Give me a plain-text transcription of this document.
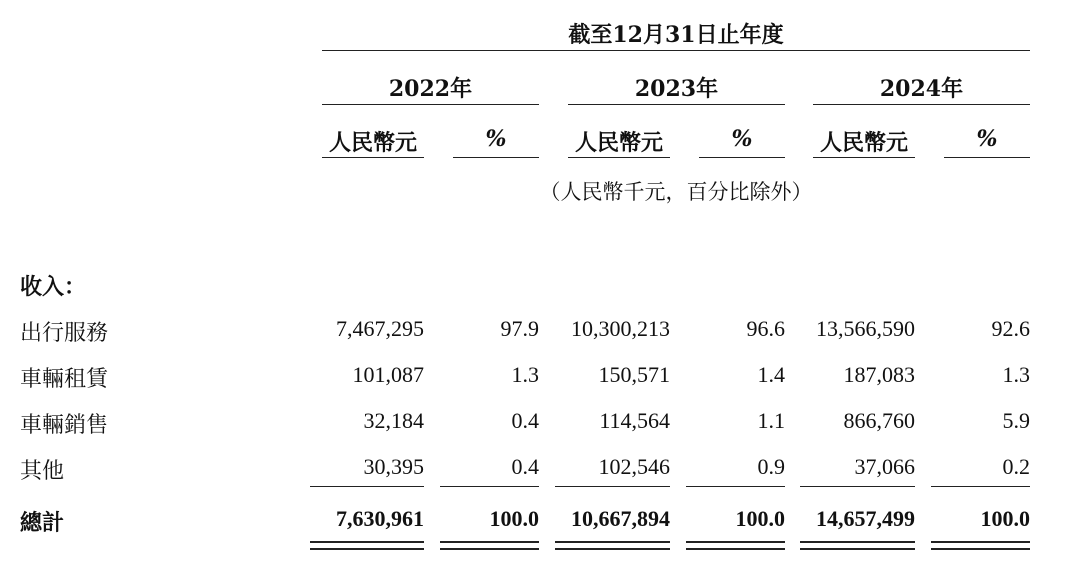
截至12月31日止年度
2022年	2023年	2024年
人民幣元	%	人民幣元	%	人民幣元	%
（人民幣千元，百分比除外）
收入：
出行服務	7,467,295	97.9	10,300,213	96.6	13,566,590	92.6
車輛租賃	101,087	1.3	150,571	1.4	187,083	1.3
車輛銷售	32,184	0.4	114,564	1.1	866,760	5.9
其他	30,395	0.4	102,546	0.9	37,066	0.2
總計	7,630,961	100.0	10,667,894	100.0	14,657,499	100.0
